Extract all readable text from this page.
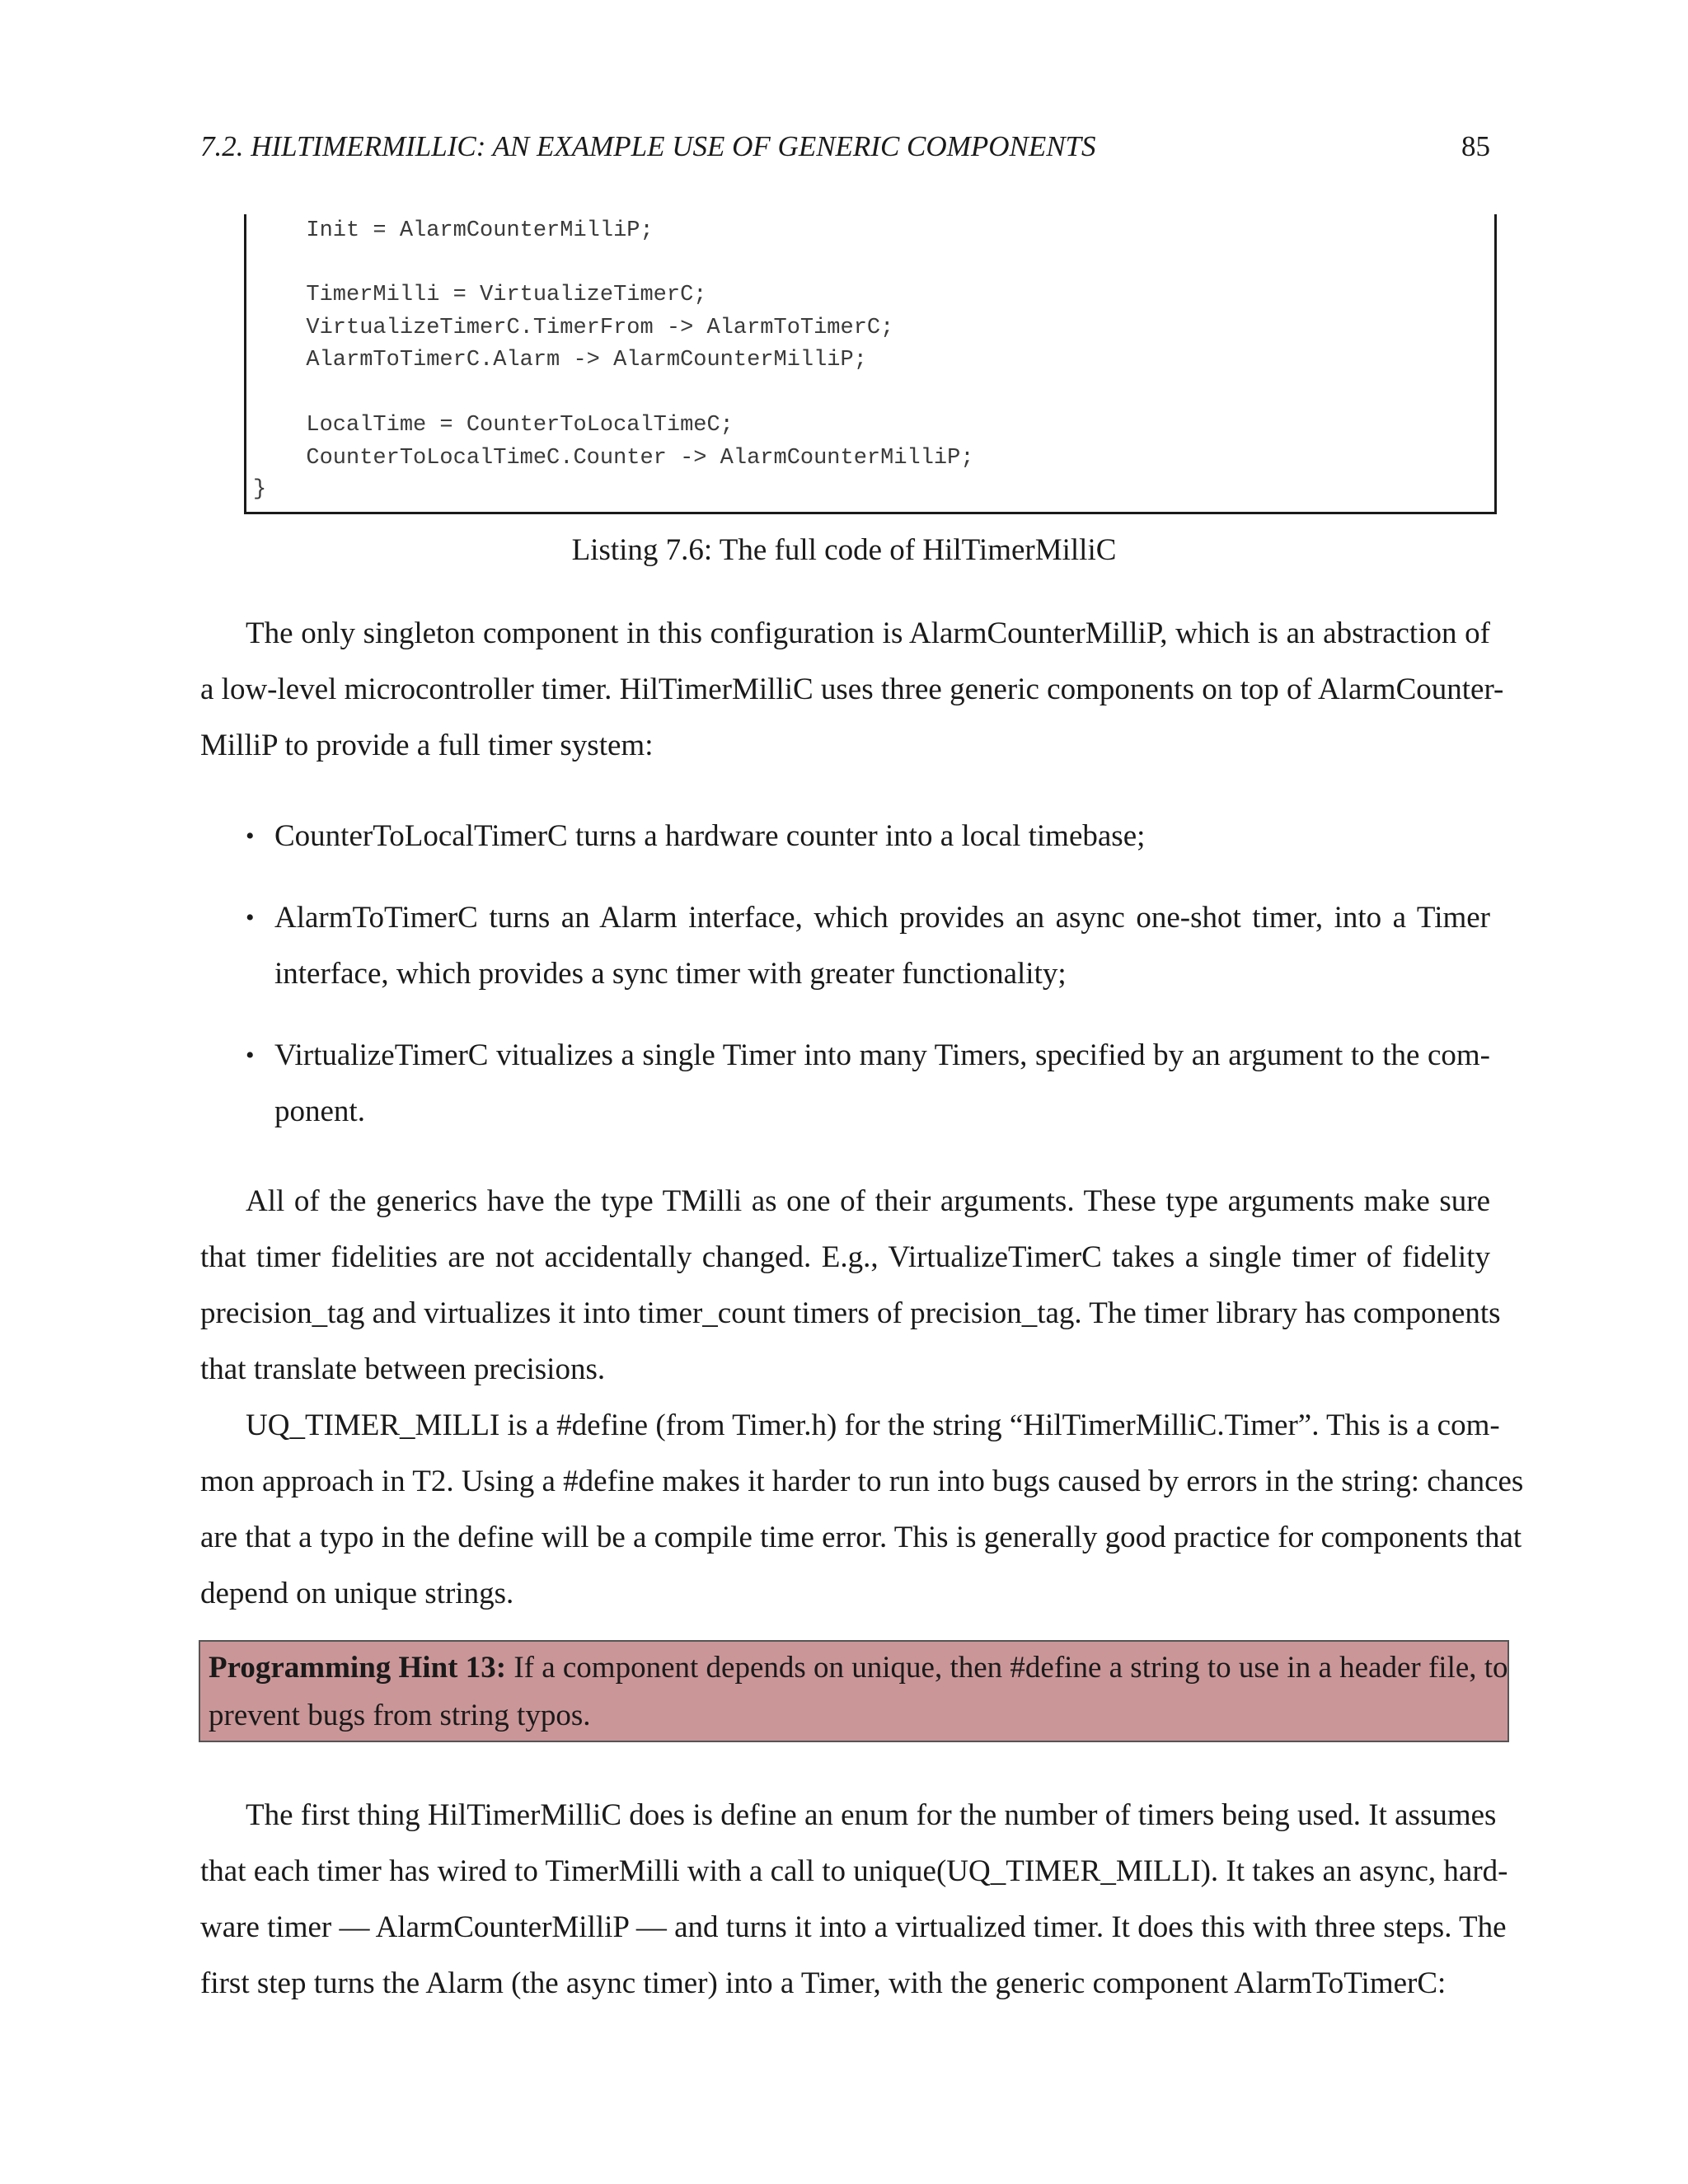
7.2. HILTIMERMILLIC: AN EXAMPLE USE OF GENERIC COMPONENTS	85
Init = AlarmCounterMilliP;
TimerMilli = VirtualizeTimerC;
VirtualizeTimerC.TimerFrom -> AlarmToTimerC;
AlarmToTimerC.Alarm -> AlarmCounterMilliP;
LocalTime = CounterToLocalTimeC;
CounterToLocalTimeC.Counter -> AlarmCounterMilliP;
}
Listing 7.6: The full code of HilTimerMilliC
The only singleton component in this configuration is AlarmCounterMilliP, which is an abstraction of
a low-level microcontroller timer. HilTimerMilliC uses three generic components on top of AlarmCounter-
MilliP to provide a full timer system:
• CounterToLocalTimerC turns a hardware counter into a local timebase;
• AlarmToTimerC turns an Alarm interface, which provides an async one-shot timer, into a Timer
interface, which provides a sync timer with greater functionality;
• VirtualizeTimerC vitualizes a single Timer into many Timers, specified by an argument to the com-
ponent.
All of the generics have the type TMilli as one of their arguments. These type arguments make sure
that timer fidelities are not accidentally changed. E.g., VirtualizeTimerC takes a single timer of fidelity
precision_tag and virtualizes it into timer_count timers of precision_tag. The timer library has components
that translate between precisions.
UQ_TIMER_MILLI is a #define (from Timer.h) for the string “HilTimerMilliC.Timer”. This is a com-
mon approach in T2. Using a #define makes it harder to run into bugs caused by errors in the string: chances
are that a typo in the define will be a compile time error. This is generally good practice for components that
depend on unique strings.
Programming Hint 13: If a component depends on unique, then #define a string to use in a header file, to
prevent bugs from string typos.
The first thing HilTimerMilliC does is define an enum for the number of timers being used. It assumes
that each timer has wired to TimerMilli with a call to unique(UQ_TIMER_MILLI). It takes an async, hard-
ware timer — AlarmCounterMilliP — and turns it into a virtualized timer. It does this with three steps. The
first step turns the Alarm (the async timer) into a Timer, with the generic component AlarmToTimerC:
